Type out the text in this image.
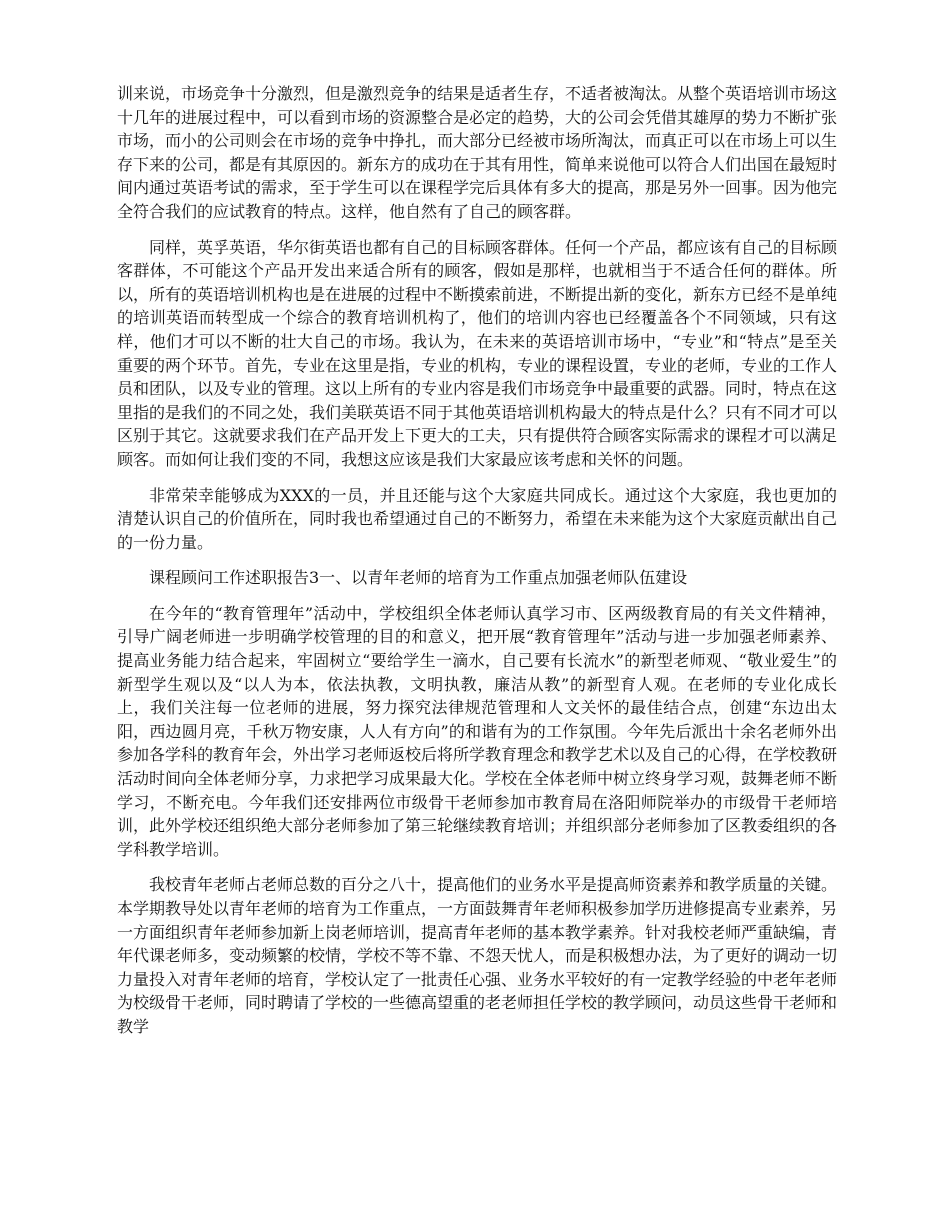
训来说，市场竞争十分激烈，但是激烈竞争的结果是适者生存，不适者被淘汰。从整个英语培训市场这十几年的进展过程中，可以看到市场的资源整合是必定的趋势，大的公司会凭借其雄厚的势力不断扩张市场，而小的公司则会在市场的竞争中挣扎，而大部分已经被市场所淘汰，而真正可以在市场上可以生存下来的公司，都是有其原因的。新东方的成功在于其有用性，简单来说他可以符合人们出国在最短时间内通过英语考试的需求，至于学生可以在课程学完后具体有多大的提高，那是另外一回事。因为他完全符合我们的应试教育的特点。这样，他自然有了自己的顾客群。

同样，英孚英语，华尔街英语也都有自己的目标顾客群体。任何一个产品，都应该有自己的目标顾客群体，不可能这个产品开发出来适合所有的顾客，假如是那样，也就相当于不适合任何的群体。所以，所有的英语培训机构也是在进展的过程中不断摸索前进，不断提出新的变化，新东方已经不是单纯的培训英语而转型成一个综合的教育培训机构了，他们的培训内容也已经覆盖各个不同领域，只有这样，他们才可以不断的壮大自己的市场。我认为，在未来的英语培训市场中，“专业”和“特点”是至关重要的两个环节。首先，专业在这里是指，专业的机构，专业的课程设置，专业的老师，专业的工作人员和团队，以及专业的管理。这以上所有的专业内容是我们市场竞争中最重要的武器。同时，特点在这里指的是我们的不同之处，我们美联英语不同于其他英语培训机构最大的特点是什么？只有不同才可以区别于其它。这就要求我们在产品开发上下更大的工夫，只有提供符合顾客实际需求的课程才可以满足顾客。而如何让我们变的不同，我想这应该是我们大家最应该考虑和关怀的问题。

非常荣幸能够成为XXX的一员，并且还能与这个大家庭共同成长。通过这个大家庭，我也更加的清楚认识自己的价值所在，同时我也希望通过自己的不断努力，希望在未来能为这个大家庭贡献出自己的一份力量。

课程顾问工作述职报告3一、以青年老师的培育为工作重点加强老师队伍建设

在今年的“教育管理年”活动中，学校组织全体老师认真学习市、区两级教育局的有关文件精神，引导广阔老师进一步明确学校管理的目的和意义，把开展“教育管理年”活动与进一步加强老师素养、提高业务能力结合起来，牢固树立“要给学生一滴水，自己要有长流水”的新型老师观、“敬业爱生”的新型学生观以及“以人为本，依法执教，文明执教，廉洁从教”的新型育人观。在老师的专业化成长上，我们关注每一位老师的进展，努力探究法律规范管理和人文关怀的最佳结合点，创建“东边出太阳，西边圆月亮，千秋万物安康，人人有方向”的和谐有为的工作氛围。今年先后派出十余名老师外出参加各学科的教育年会，外出学习老师返校后将所学教育理念和教学艺术以及自己的心得，在学校教研活动时间向全体老师分享，力求把学习成果最大化。学校在全体老师中树立终身学习观，鼓舞老师不断学习，不断充电。今年我们还安排两位市级骨干老师参加市教育局在洛阳师院举办的市级骨干老师培训，此外学校还组织绝大部分老师参加了第三轮继续教育培训；并组织部分老师参加了区教委组织的各学科教学培训。

我校青年老师占老师总数的百分之八十，提高他们的业务水平是提高师资素养和教学质量的关键。本学期教导处以青年老师的培育为工作重点，一方面鼓舞青年老师积极参加学历进修提高专业素养，另一方面组织青年老师参加新上岗老师培训，提高青年老师的基本教学素养。针对我校老师严重缺编，青年代课老师多，变动频繁的校情，学校不等不靠、不怨天忧人，而是积极想办法，为了更好的调动一切力量投入对青年老师的培育，学校认定了一批责任心强、业务水平较好的有一定教学经验的中老年老师为校级骨干老师，同时聘请了学校的一些德高望重的老老师担任学校的教学顾问，动员这些骨干老师和教学
